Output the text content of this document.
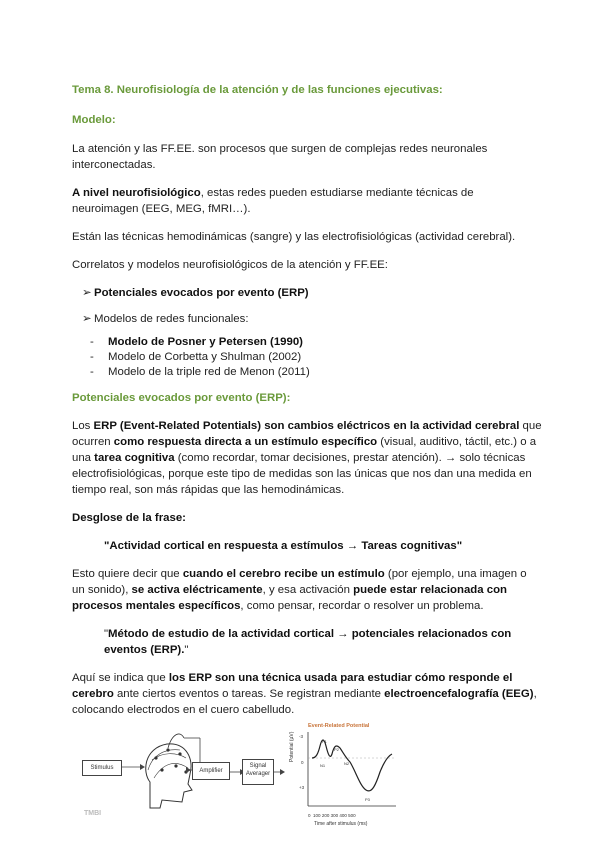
Tema 8. Neurofisiología de la atención y de las funciones ejecutivas:

Modelo:

La atención y las FF.EE. son procesos que surgen de complejas redes neuronales interconectadas.

A nivel neurofisiológico, estas redes pueden estudiarse mediante técnicas de neuroimagen (EEG, MEG, fMRI…).

Están las técnicas hemodinámicas (sangre) y las electrofisiológicas (actividad cerebral).

Correlatos y modelos neurofisiológicos de la atención y FF.EE:

➢ Potenciales evocados por evento (ERP)

➢ Modelos de redes funcionales:

- Modelo de Posner y Petersen (1990)
- Modelo de Corbetta y Shulman (2002)
- Modelo de la triple red de Menon (2011)

Potenciales evocados por evento (ERP):

Los ERP (Event-Related Potentials) son cambios eléctricos en la actividad cerebral que ocurren como respuesta directa a un estímulo específico (visual, auditivo, táctil, etc.) o a una tarea cognitiva (como recordar, tomar decisiones, prestar atención). → solo técnicas electrofisiológicas, porque este tipo de medidas son las únicas que nos dan una medida en tiempo real, son más rápidas que las hemodinámicas.

Desglose de la frase:

"Actividad cortical en respuesta a estímulos → Tareas cognitivas"

Esto quiere decir que cuando el cerebro recibe un estímulo (por ejemplo, una imagen o un sonido), se activa eléctricamente, y esa activación puede estar relacionada con procesos mentales específicos, como pensar, recordar o resolver un problema.

"Método de estudio de la actividad cortical → potenciales relacionados con eventos (ERP)."

Aquí se indica que los ERP son una técnica usada para estudiar cómo responde el cerebro ante ciertos eventos o tareas. Se registran mediante electroencefalografía (EEG), colocando electrodos en el cuero cabelludo.

Stimulus	Amplifier
Signal Averager
Event-Related Potential
Potential (µV) -3
0
+3
0 100 200 300 400 500
Time after stimulus (ms)
P1
N1
P2
N2
P3
TMBI
